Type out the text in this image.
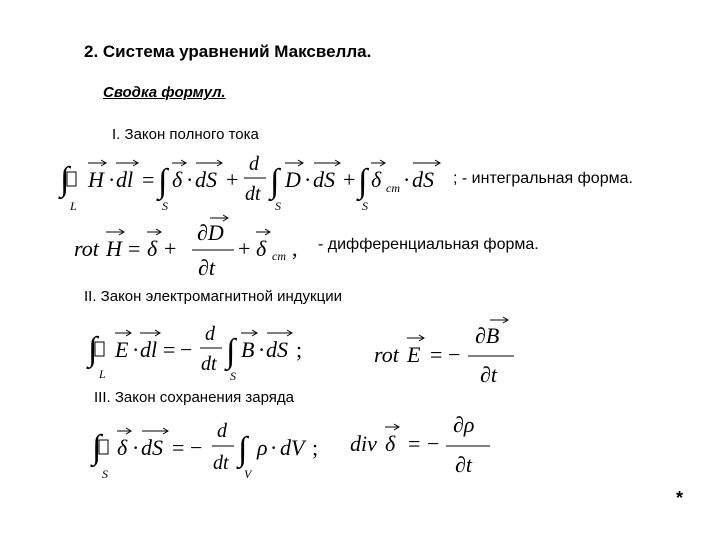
2. Система уравнений Максвелла.
Сводка формул.
I. Закон полного тока
; - интегральная форма.
- дифференциальная форма.
II. Закон электромагнитной индукции
III. Закон сохранения заряда
∫
L
H · dl = ∫
S
δ · dS +
d
dt ∫
S
D · dS + ∫
S
δ cm · dS
rot H = δ +
∂D
∂t
+ δ cm ,
∫
L
E · dl = −
d
dt ∫
S
B · dS ;	rot E = −
∂B
∂t
∫
S
δ · dS = −
d
dt ∫
V
ρ · dV ; div δ = −
∂ρ
∂t
*
